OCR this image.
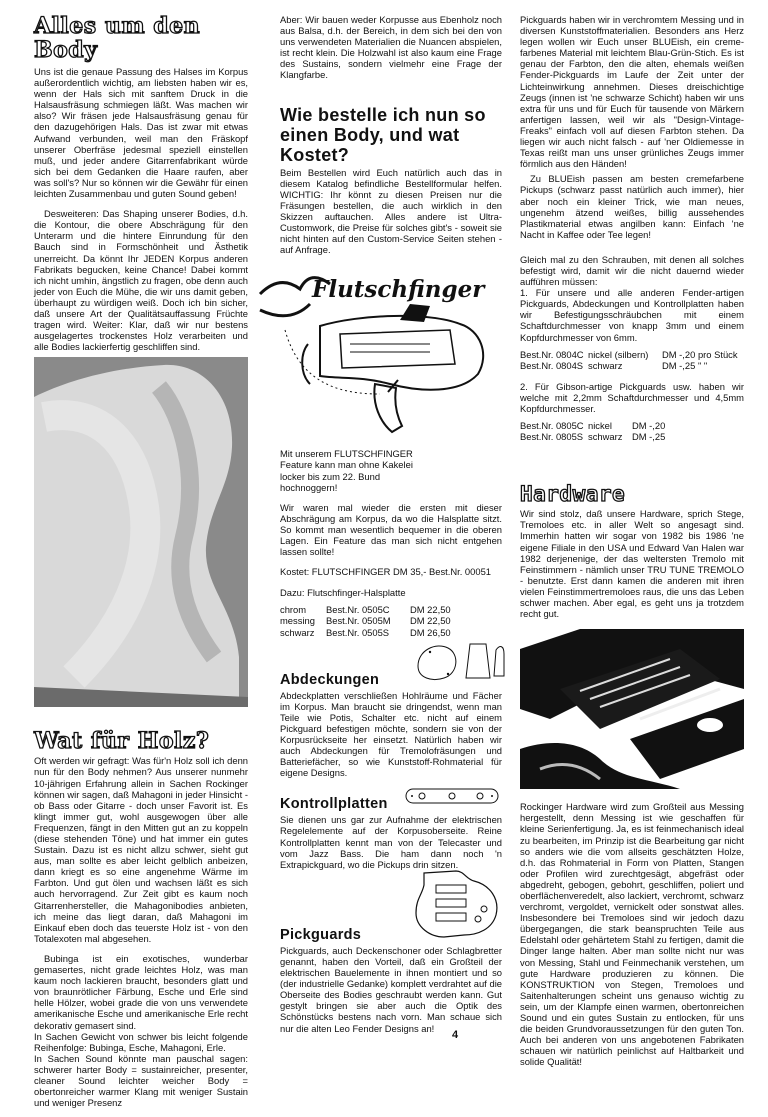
Alles um den Body

Uns ist die genaue Passung des Halses im Korpus außerordentlich wichtig, am liebsten haben wir es, wenn der Hals sich mit sanftem Druck in die Halsausfräsung schmiegen läßt. Was machen wir also? Wir fräsen jede Halsausfräsung genau für den dazugehörigen Hals. Das ist zwar mit etwas Aufwand verbunden, weil man den Fräskopf unserer Oberfräse jedesmal speziell einstellen muß, und jeder andere Gitarrenfabrikant würde sich bei dem Gedanken die Haare raufen, aber was soll's? Nur so können wir die Gewähr für einen leichten Zusammenbau und guten Sound geben!

Desweiteren: Das Shaping unserer Bodies, d.h. die Kontour, die obere Abschrägung für den Unterarm und die hintere Einrundung für den Bauch sind in Formschönheit und Ästhetik unerreicht. Da könnt Ihr JEDEN Korpus anderen Fabrikats begucken, keine Chance! Dabei kommt ich nicht umhin, ängstlich zu fragen, obe denn auch jeder von Euch die Mühe, die wir uns damit geben, überhaupt zu würdigen weiß. Doch ich bin sicher, daß unsere Art der Qualitätsauffassung Früchte tragen wird. Weiter: Klar, daß wir nur bestens ausgelagertes trockenstes Holz verarbeiten und alle Bodies lackierfertig geschliffen sind.

Wat für Holz?

Oft werden wir gefragt: Was für'n Holz soll ich denn nun für den Body nehmen? Aus unserer nunmehr 10-jährigen Erfahrung allein in Sachen Rockinger können wir sagen, daß Mahagoni in jeder Hinsicht - ob Bass oder Gitarre - doch unser Favorit ist. Es klingt immer gut, wohl ausgewogen über alle Frequenzen, fängt in den Mitten gut an zu koppeln (diese stehenden Töne) und hat immer ein gutes Sustain. Dazu ist es nicht allzu schwer, sieht gut aus, man sollte es aber leicht gelblich anbeizen, dann kriegt es so eine angenehme Wärme im Farbton. Und gut ölen und wachsen läßt es sich auch hervorragend. Zur Zeit gibt es kaum noch Gitarrenhersteller, die Mahagonibodies anbieten, ich meine das liegt daran, daß Mahagoni im Einkauf eben doch das teuerste Holz ist - von den Totalexoten mal abgesehen.

Bubinga ist ein exotisches, wunderbar gemasertes, nicht grade leichtes Holz, was man kaum noch lackieren braucht, besonders glatt und von braunrötlicher Färbung, Esche und Erle sind helle Hölzer, wobei grade die von uns verwendete amerikanische Esche und amerikanische Erle recht dekorativ gemasert sind.

In Sachen Gewicht von schwer bis leicht folgende Reihenfolge: Bubinga, Esche, Mahagoni, Erle.

In Sachen Sound könnte man pauschal sagen: schwerer harter Body = sustainreicher, presenter, cleaner Sound leichter weicher Body = obertonreicher warmer Klang mit weniger Sustain und weniger Presenz

Aber: Wir bauen weder Korpusse aus Ebenholz noch aus Balsa, d.h. der Bereich, in dem sich bei den von uns verwendeten Materialien die Nuancen abspielen, ist recht klein. Die Holzwahl ist also kaum eine Frage des Sustains, sondern vielmehr eine Frage der Klangfarbe.

Wie bestelle ich nun so einen Body, und wat Kostet?

Beim Bestellen wird Euch natürlich auch das in diesem Katalog befindliche Bestellformular helfen. WICHTIG: Ihr könnt zu diesen Preisen nur die Fräsungen bestellen, die auch wirklich in den Skizzen auftauchen. Alles andere ist Ultra- Customwork, die Preise für solches gibt's - soweit sie nicht hinten auf den Custom-Service Seiten stehen - auf Anfrage.

Flutschfinger

Mit unserem FLUTSCHFINGER Feature kann man ohne Kakelei locker bis zum 22. Bund hochnoggern!

Wir waren mal wieder die ersten mit dieser Abschrägung am Korpus, da wo die Halsplatte sitzt. So kommt man wesentlich bequemer in die oberen Lagen. Ein Feature das man sich nicht entgehen lassen sollte!

Kostet: FLUTSCHFINGER DM 35,- Best.Nr. 00051

Dazu: Flutschfinger-Halsplatte

chrom	Best.Nr. 0505C	DM 22,50
messing	Best.Nr. 0505M	DM 22,50
schwarz	Best.Nr. 0505S	DM 26,50
Abdeckungen

Abdeckplatten verschließen Hohlräume und Fächer im Korpus. Man braucht sie dringendst, wenn man Teile wie Potis, Schalter etc. nicht auf einem Pickguard befestigen möchte, sondern sie von der Korpusrückseite her einsetzt. Natürlich haben wir auch Abdeckungen für Tremolofräsungen und Batteriefächer, so wie Kunststoff-Rohmaterial für eigene Designs.

Kontrollplatten

Sie dienen uns gar zur Aufnahme der elektrischen Regelelemente auf der Korpusoberseite. Reine Kontrollplatten kennt man von der Telecaster und vom Jazz Bass. Die ham dann noch 'n Extrapickguard, wo die Pickups drin sitzen.

Pickguards

Pickguards, auch Deckenschoner oder Schlagbretter genannt, haben den Vorteil, daß ein Großteil der elektrischen Bauelemente in ihnen montiert und so (der industrielle Gedanke) komplett verdrahtet auf die Oberseite des Bodies geschraubt werden kann. Gut gestylt bringen sie aber auch die Optik des Schönstücks bestens nach vorn. Man schaue sich nur die alten Leo Fender Designs an!

Pickguards haben wir in verchromtem Messing und in diversen Kunststoffmaterialien. Besonders ans Herz legen wollen wir Euch unser BLUEish, ein creme-farbenes Material mit leichtem Blau-Grün-Stich. Es ist genau der Farbton, den die alten, ehemals weißen Fender-Pickguards im Laufe der Zeit unter der Lichteinwirkung annehmen. Dieses dreischichtige Zeugs (innen ist 'ne schwarze Schicht) haben wir uns extra für uns und für Euch für tausende von Märkern anfertigen lassen, weil wir als "Design-Vintage-Freaks" einfach voll auf diesen Farbton stehen. Da liegen wir auch nicht falsch - auf 'ner Oldiemesse in Texas reißt man uns unser grünliches Zeugs immer förmlich aus den Händen!

Zu BLUEish passen am besten cremefarbene Pickups (schwarz passt natürlich auch immer), hier aber noch ein kleiner Trick, wie man neues, ungenehm ätzend weißes, billig aussehendes Plastikmaterial etwas angilben kann: Einfach 'ne Nacht in Kaffee oder Tee legen!

Gleich mal zu den Schrauben, mit denen all solches befestigt wird, damit wir die nicht dauernd wieder aufführen müssen:

1. Für unsere und alle anderen Fender-artigen Pickguards, Abdeckungen und Kontrollplatten haben wir Befestigungsschräubchen mit einem Schaftdurchmesser von knapp 3mm und einem Kopfdurchmesser von 6mm.

Best.Nr. 0804C nickel (silbern)	DM -,20 pro Stück
Best.Nr. 0804S schwarz	DM -,25 " "

2. Für Gibson-artige Pickguards usw. haben wir welche mit 2,2mm Schaftdurchmesser und 4,5mm Kopfdurchmesser.

Best.Nr. 0805C nickel	DM -,20
Best.Nr. 0805S schwarz	DM -,25
Hardware

Wir sind stolz, daß unsere Hardware, sprich Stege, Tremoloes etc. in aller Welt so angesagt sind. Immerhin hatten wir sogar von 1982 bis 1986 'ne eigene Filiale in den USA und Edward Van Halen war 1982 derjenenige, der das weltersten Tremolo mit Feinstimmern - nämlich unser TRU TUNE TREMOLO - benutzte. Erst dann kamen die anderen mit ihren vielen Feinstimmertremoloes raus, die uns das Leben schwer machen. Aber egal, es geht uns ja trotzdem recht gut.

Rockinger Hardware wird zum Großteil aus Messing hergestellt, denn Messing ist wie geschaffen für kleine Serienfertigung. Ja, es ist feinmechanisch ideal zu bearbeiten, im Prinzip ist die Bearbeitung gar nicht so anders wie die vom allseits geschätzten Holze, d.h. das Rohmaterial in Form von Platten, Stangen oder Profilen wird zurechtgesägt, abgefräst oder abgedreht, gebogen, gebohrt, geschliffen, poliert und oberflächenveredelt, also lackiert, verchromt, schwarz verchromt, vergoldet, vernickelt oder sonstwat alles. Insbesondere bei Tremoloes sind wir jedoch dazu übergegangen, die stark beanspruchten Teile aus Edelstahl oder gehärtetem Stahl zu fertigen, damit die Dinger lange halten. Aber man sollte nicht nur was von Messing, Stahl und Feinmechanik verstehen, um gute Hardware produzieren zu können. Die KONSTRUKTION von Stegen, Tremoloes und Saitenhalterungen scheint uns genauso wichtig zu sein, um der Klampfe einen warmen, obertonreichen Sound und ein gutes Sustain zu entlocken, für uns die beiden Grundvoraussetzungen für den guten Ton. Auch bei anderen von uns angebotenen Fabrikaten schauen wir natürlich peinlichst auf Haltbarkeit und solide Qualität!

4
